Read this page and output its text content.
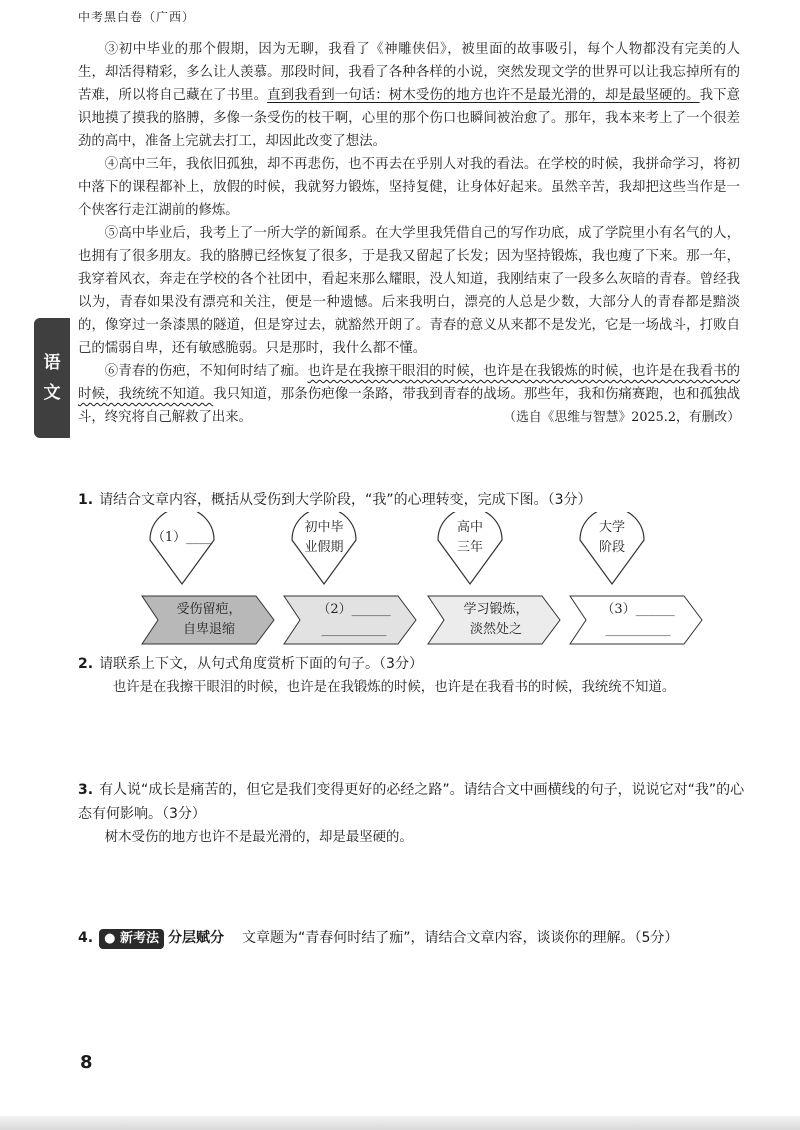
中考黑白卷（广西）
语
文

③初中毕业的那个假期，因为无聊，我看了《神雕侠侣》，被里面的故事吸引，每个人物都没有完美的人生，却活得精彩，多么让人羡慕。那段时间，我看了各种各样的小说，突然发现文学的世界可以让我忘掉所有的苦难，所以将自己藏在了书里。直到我看到一句话：树木受伤的地方也许不是最光滑的，却是最坚硬的。我下意识地摸了摸我的胳膊，多像一条受伤的枝干啊，心里的那个伤口也瞬间被治愈了。那年，我本来考上了一个很差劲的高中，准备上完就去打工，却因此改变了想法。

④高中三年，我依旧孤独，却不再悲伤，也不再去在乎别人对我的看法。在学校的时候，我拼命学习，将初中落下的课程都补上，放假的时候，我就努力锻炼，坚持复健，让身体好起来。虽然辛苦，我却把这些当作是一个侠客行走江湖前的修炼。

⑤高中毕业后，我考上了一所大学的新闻系。在大学里我凭借自己的写作功底，成了学院里小有名气的人，也拥有了很多朋友。我的胳膊已经恢复了很多，于是我又留起了长发；因为坚持锻炼，我也瘦了下来。那一年，我穿着风衣，奔走在学校的各个社团中，看起来那么耀眼，没人知道，我刚结束了一段多么灰暗的青春。曾经我以为，青春如果没有漂亮和关注，便是一种遗憾。后来我明白，漂亮的人总是少数，大部分人的青春都是黯淡的，像穿过一条漆黑的隧道，但是穿过去，就豁然开朗了。青春的意义从来都不是发光，它是一场战斗，打败自己的懦弱自卑，还有敏感脆弱。只是那时，我什么都不懂。

⑥青春的伤疤，不知何时结了痂。也许是在我擦干眼泪的时候，也许是在我锻炼的时候，也许是在我看书的时候，我统统不知道。我只知道，那条伤疤像一条路，带我到青春的战场。那些年，我和伤痛赛跑，也和孤独战斗，终究将自己解救了出来。	（选自《思维与智慧》2025.2，有删改）

1. 请结合文章内容，概括从受伤到大学阶段，“我”的心理转变，完成下图。（3分）
（1）____
初中毕
业假期
高中
三年
大学
阶段
受伤留疤，
自卑退缩
（2）______
__________
学习锻炼，
淡然处之
（3）______
__________
2. 请联系上下文，从句式角度赏析下面的句子。（3分）
也许是在我擦干眼泪的时候，也许是在我锻炼的时候，也许是在我看书的时候，我统统不知道。
3. 有人说“成长是痛苦的，但它是我们变得更好的必经之路”。请结合文中画横线的句子，说说它对“我”的心态有何影响。（3分）
树木受伤的地方也许不是最光滑的，却是最坚硬的。
4. ● 新考法 分层赋分 文章题为“青春何时结了痂”，请结合文章内容，谈谈你的理解。（5分）
8
